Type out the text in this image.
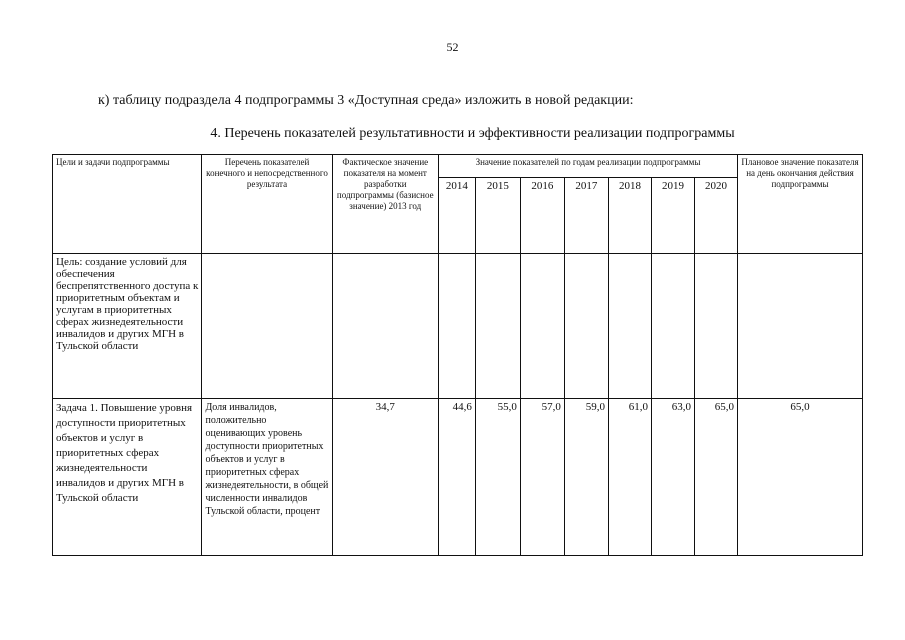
52
к) таблицу подраздела 4 подпрограммы 3 «Доступная среда» изложить в новой редакции:
4. Перечень показателей результативности и эффективности реализации подпрограммы
Цели и задачи подпрограммы	Перечень показателей конечного и непосредственного результата	Фактическое значение показателя на момент разработки подпрограммы (базисное значение) 2013 год	Значение показателей по годам реализации подпрограммы							Плановое значение показателя на день окончания действия подпрограммы
			2014	2015	2016	2017	2018	2019	2020	
Цель: создание условий для обеспечения беспрепятственного доступа к приоритетным объектам и услугам в приоритетных сферах жизнедеятельности инвалидов и других МГН в Тульской области										
Задача 1. Повышение уровня доступности приоритетных объектов и услуг в приоритетных сферах жизнедеятельности инвалидов и других МГН в Тульской области	Доля инвалидов, положительно оценивающих уровень доступности приоритетных объектов и услуг в приоритетных сферах жизнедеятельности, в общей численности инвалидов Тульской области, процент	34,7	44,6	55,0	57,0	59,0	61,0	63,0	65,0	65,0
